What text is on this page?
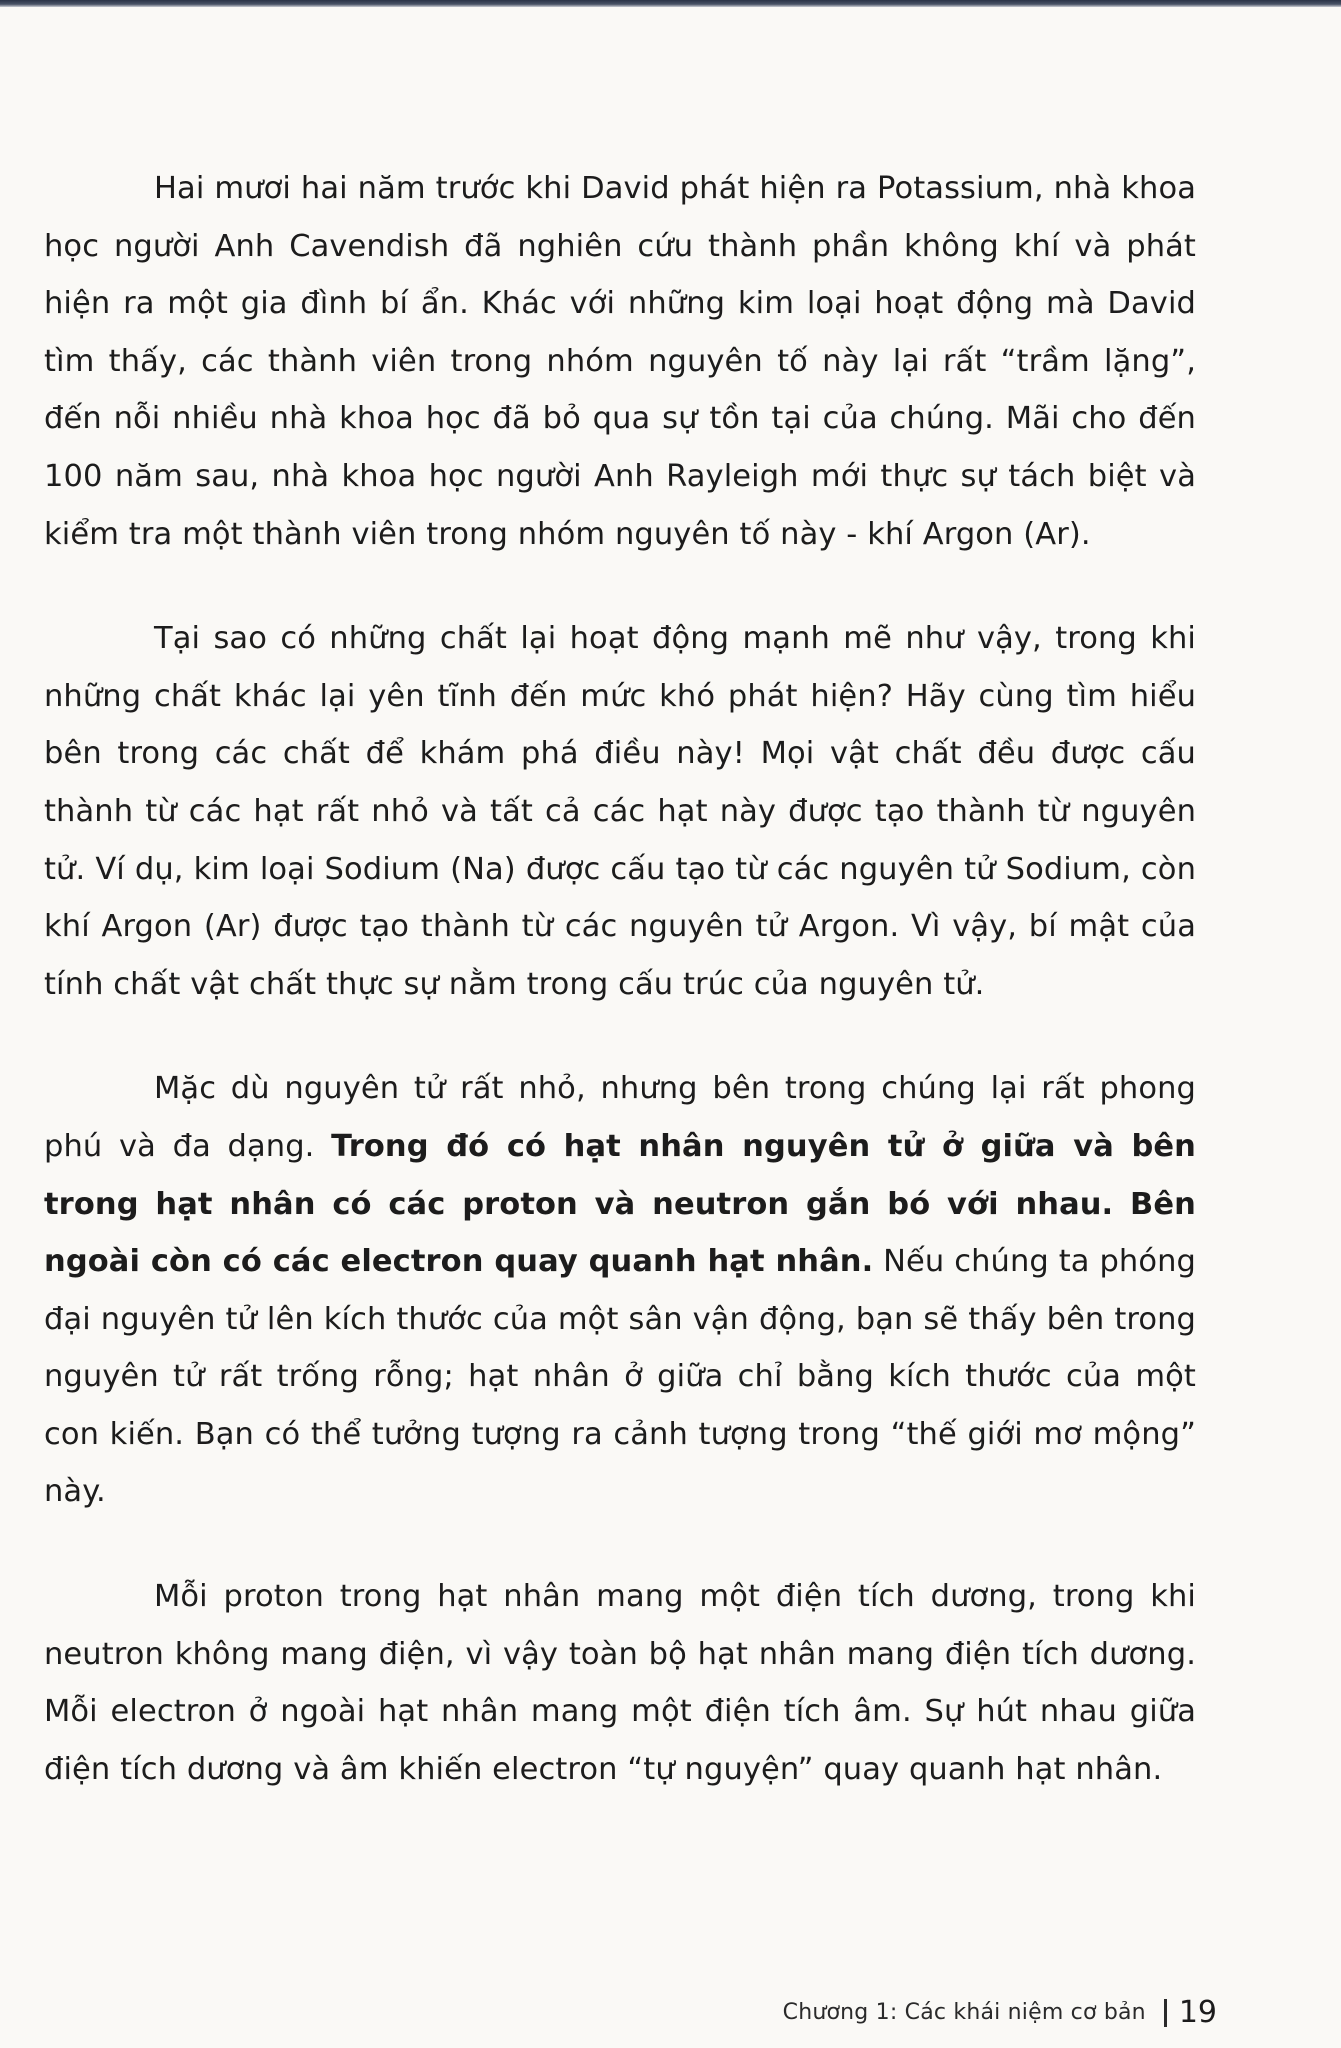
Hai mươi hai năm trước khi David phát hiện ra Potassium, nhà khoa học người Anh Cavendish đã nghiên cứu thành phần không khí và phát hiện ra một gia đình bí ẩn. Khác với những kim loại hoạt động mà David tìm thấy, các thành viên trong nhóm nguyên tố này lại rất “trầm lặng”, đến nỗi nhiều nhà khoa học đã bỏ qua sự tồn tại của chúng. Mãi cho đến 100 năm sau, nhà khoa học người Anh Rayleigh mới thực sự tách biệt và kiểm tra một thành viên trong nhóm nguyên tố này - khí Argon (Ar).

Tại sao có những chất lại hoạt động mạnh mẽ như vậy, trong khi những chất khác lại yên tĩnh đến mức khó phát hiện? Hãy cùng tìm hiểu bên trong các chất để khám phá điều này! Mọi vật chất đều được cấu thành từ các hạt rất nhỏ và tất cả các hạt này được tạo thành từ nguyên tử. Ví dụ, kim loại Sodium (Na) được cấu tạo từ các nguyên tử Sodium, còn khí Argon (Ar) được tạo thành từ các nguyên tử Argon. Vì vậy, bí mật của tính chất vật chất thực sự nằm trong cấu trúc của nguyên tử.

Mặc dù nguyên tử rất nhỏ, nhưng bên trong chúng lại rất phong phú và đa dạng. Trong đó có hạt nhân nguyên tử ở giữa và bên trong hạt nhân có các proton và neutron gắn bó với nhau. Bên ngoài còn có các electron quay quanh hạt nhân. Nếu chúng ta phóng đại nguyên tử lên kích thước của một sân vận động, bạn sẽ thấy bên trong nguyên tử rất trống rỗng; hạt nhân ở giữa chỉ bằng kích thước của một con kiến. Bạn có thể tưởng tượng ra cảnh tượng trong “thế giới mơ mộng” này.

Mỗi proton trong hạt nhân mang một điện tích dương, trong khi neutron không mang điện, vì vậy toàn bộ hạt nhân mang điện tích dương. Mỗi electron ở ngoài hạt nhân mang một điện tích âm. Sự hút nhau giữa điện tích dương và âm khiến electron “tự nguyện” quay quanh hạt nhân.

Chương 1: Các khái niệm cơ bản 19
